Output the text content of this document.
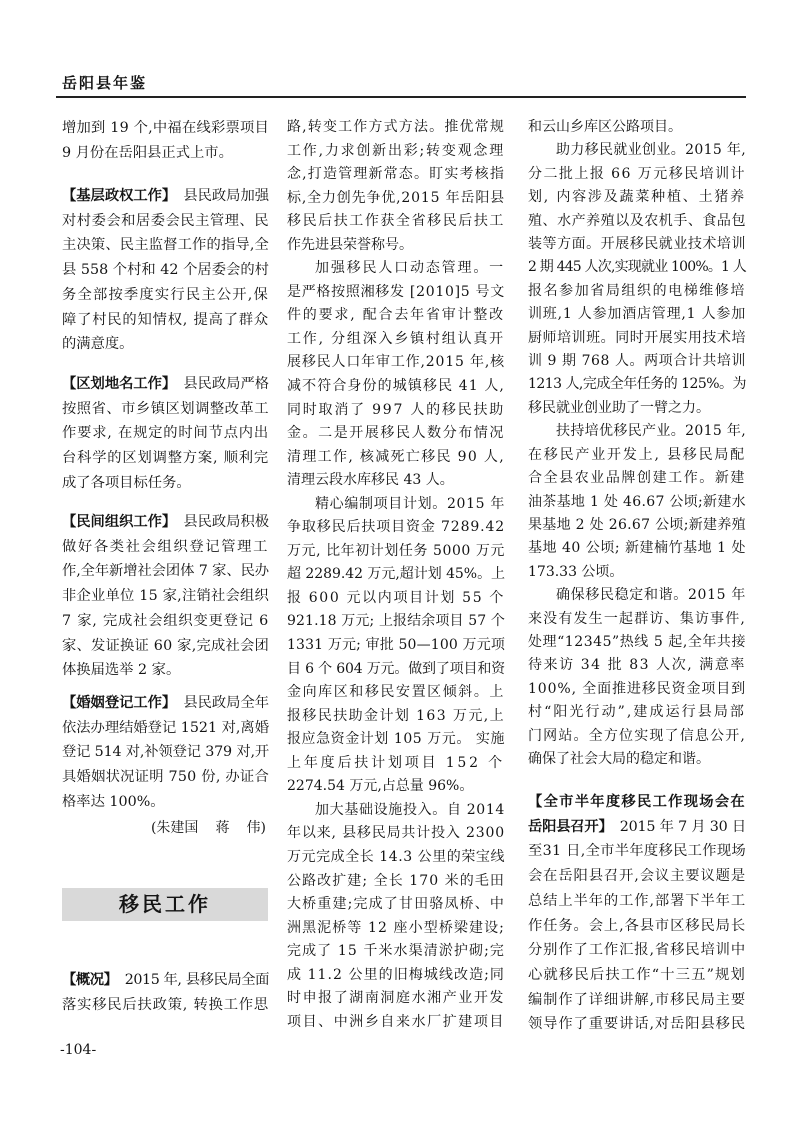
岳阳县年鉴
增加到 19 个,中福在线彩票项目
9 月份在岳阳县正式上市。
【基层政权工作】 县民政局加强
对村委会和居委会民主管理、民
主决策、民主监督工作的指导,全
县 558 个村和 42 个居委会的村
务全部按季度实行民主公开,保
障了村民的知情权, 提高了群众
的满意度。
【区划地名工作】 县民政局严格
按照省、市乡镇区划调整改革工
作要求, 在规定的时间节点内出
台科学的区划调整方案, 顺利完
成了各项目标任务。
【民间组织工作】 县民政局积极
做好各类社会组织登记管理工
作,全年新增社会团体 7 家、民办
非企业单位 15 家,注销社会组织
7 家, 完成社会组织变更登记 6
家、发证换证 60 家,完成社会团
体换届选举 2 家。
【婚姻登记工作】 县民政局全年
依法办理结婚登记 1521 对,离婚
登记 514 对,补领登记 379 对,开
具婚姻状况证明 750 份, 办证合
格率达 100%。
【概况】 2015 年, 县移民局全面
落实移民后扶政策, 转换工作思
(朱建国 蒋 伟)
移民工作
路,转变工作方式方法。推优常规
工作,力求创新出彩;转变观念理
念,打造管理新常态。盯实考核指
标,全力创先争优,2015 年岳阳县
移民后扶工作获全省移民后扶工
作先进县荣誉称号。
加强移民人口动态管理。一
是严格按照湘移发 [2010]5 号文
件的要求, 配合去年省审计整改
工作, 分组深入乡镇村组认真开
展移民人口年审工作,2015 年,核
减不符合身份的城镇移民 41 人,
同时取消了 997 人的移民扶助
金。二是开展移民人数分布情况
清理工作, 核减死亡移民 90 人,
清理云段水库移民 43 人。
精心编制项目计划。2015 年
争取移民后扶项目资金 7289.42
万元, 比年初计划任务 5000 万元
超 2289.42 万元,超计划 45%。上
报 600 元以内项目计划 55 个
921.18 万元; 上报结余项目 57 个
1331 万元; 审批 50—100 万元项
目 6 个 604 万元。做到了项目和资
金向库区和移民安置区倾斜。上
报移民扶助金计划 163 万元,上
报应急资金计划 105 万元。 实施
上年度后扶计划项目 152 个
2274.54 万元,占总量 96%。
加大基础设施投入。自 2014
年以来, 县移民局共计投入 2300
万元完成全长 14.3 公里的荣宝线
公路改扩建; 全长 170 米的毛田
大桥重建;完成了甘田骆凤桥、中
洲黑泥桥等 12 座小型桥梁建设;
完成了 15 千米水渠清淤护砌;完
成 11.2 公里的旧梅城线改造;同
时申报了湖南洞庭水湘产业开发
项目、中洲乡自来水厂扩建项目
和云山乡库区公路项目。
助力移民就业创业。2015 年,
分二批上报 66 万元移民培训计
划, 内容涉及蔬菜种植、土猪养
殖、水产养殖以及农机手、食品包
装等方面。开展移民就业技术培训
2 期 445 人次,实现就业 100%。1 人
报名参加省局组织的电梯维修培
训班,1 人参加酒店管理,1 人参加
厨师培训班。同时开展实用技术培
训 9 期 768 人。两项合计共培训
1213 人,完成全年任务的 125%。为
移民就业创业助了一臂之力。
扶持培优移民产业。2015 年,
在移民产业开发上, 县移民局配
合全县农业品牌创建工作。新建
油茶基地 1 处 46.67 公顷;新建水
果基地 2 处 26.67 公顷;新建养殖
基地 40 公顷; 新建楠竹基地 1 处
173.33 公顷。
确保移民稳定和谐。2015 年
来没有发生一起群访、集访事件,
处理“12345”热线 5 起,全年共接
待来访 34 批 83 人次, 满意率
100%, 全面推进移民资金项目到
村“阳光行动”,建成运行县局部
门网站。全方位实现了信息公开,
确保了社会大局的稳定和谐。
【全市半年度移民工作现场会在
岳阳县召开】 2015 年 7 月 30 日
至31 日,全市半年度移民工作现场
会在岳阳县召开,会议主要议题是
总结上半年的工作,部署下半年工
作任务。会上,各县市区移民局长
分别作了工作汇报,省移民培训中
心就移民后扶工作“十三五”规划
编制作了详细讲解,市移民局主要
领导作了重要讲话,对岳阳县移民
-104-
